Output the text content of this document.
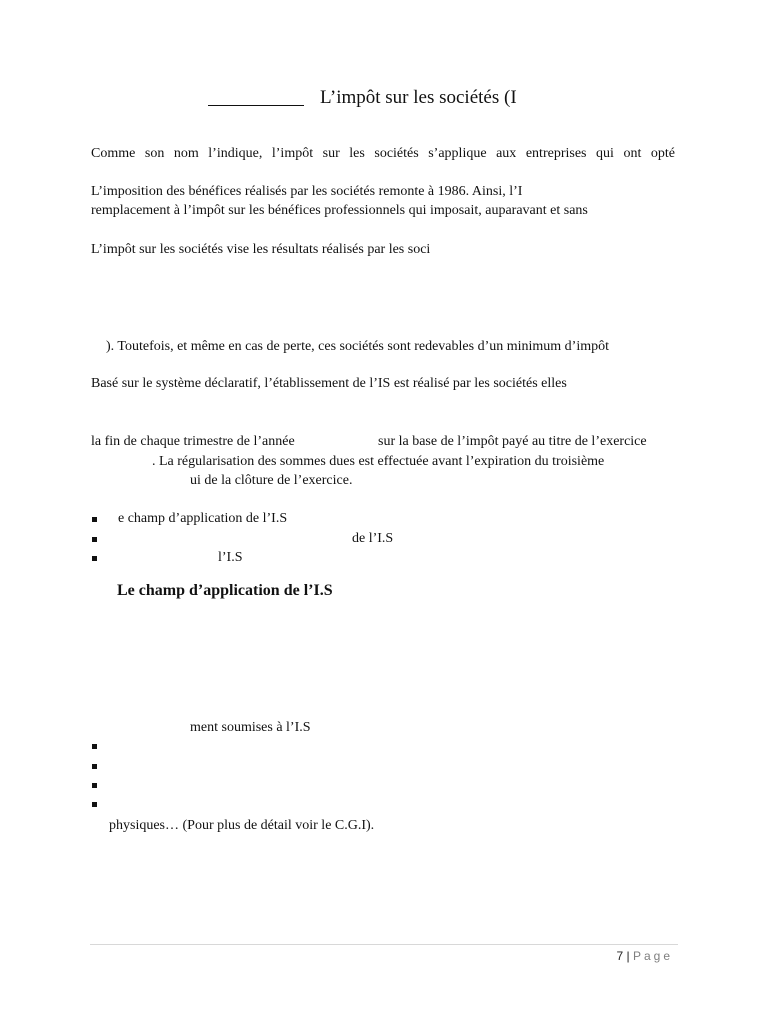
L’impôt sur les sociétés (I
Comme son nom l’indique, l’impôt sur les sociétés s’applique aux entreprises qui ont opté
L’imposition des bénéfices réalisés par les sociétés remonte à 1986. Ainsi, l’I
remplacement à l’impôt sur les bénéfices professionnels qui imposait, auparavant et sans
L’impôt sur les sociétés vise les résultats réalisés par les soci
). Toutefois, et même en cas de perte, ces sociétés sont redevables d’un minimum d’impôt
Basé sur le système déclaratif, l’établissement de l’IS est réalisé par les sociétés elles
la fin de chaque trimestre de l’année	sur la base de l’impôt payé au titre de l’exercice
. La régularisation des sommes dues est effectuée avant l’expiration du troisième
ui de la clôture de l’exercice.
e champ d’application de l’I.S
de l’I.S
l’I.S
Le champ d’application de l’I.S
ment soumises à l’I.S
physiques… (Pour plus de détail voir le C.G.I).
7 | Page
